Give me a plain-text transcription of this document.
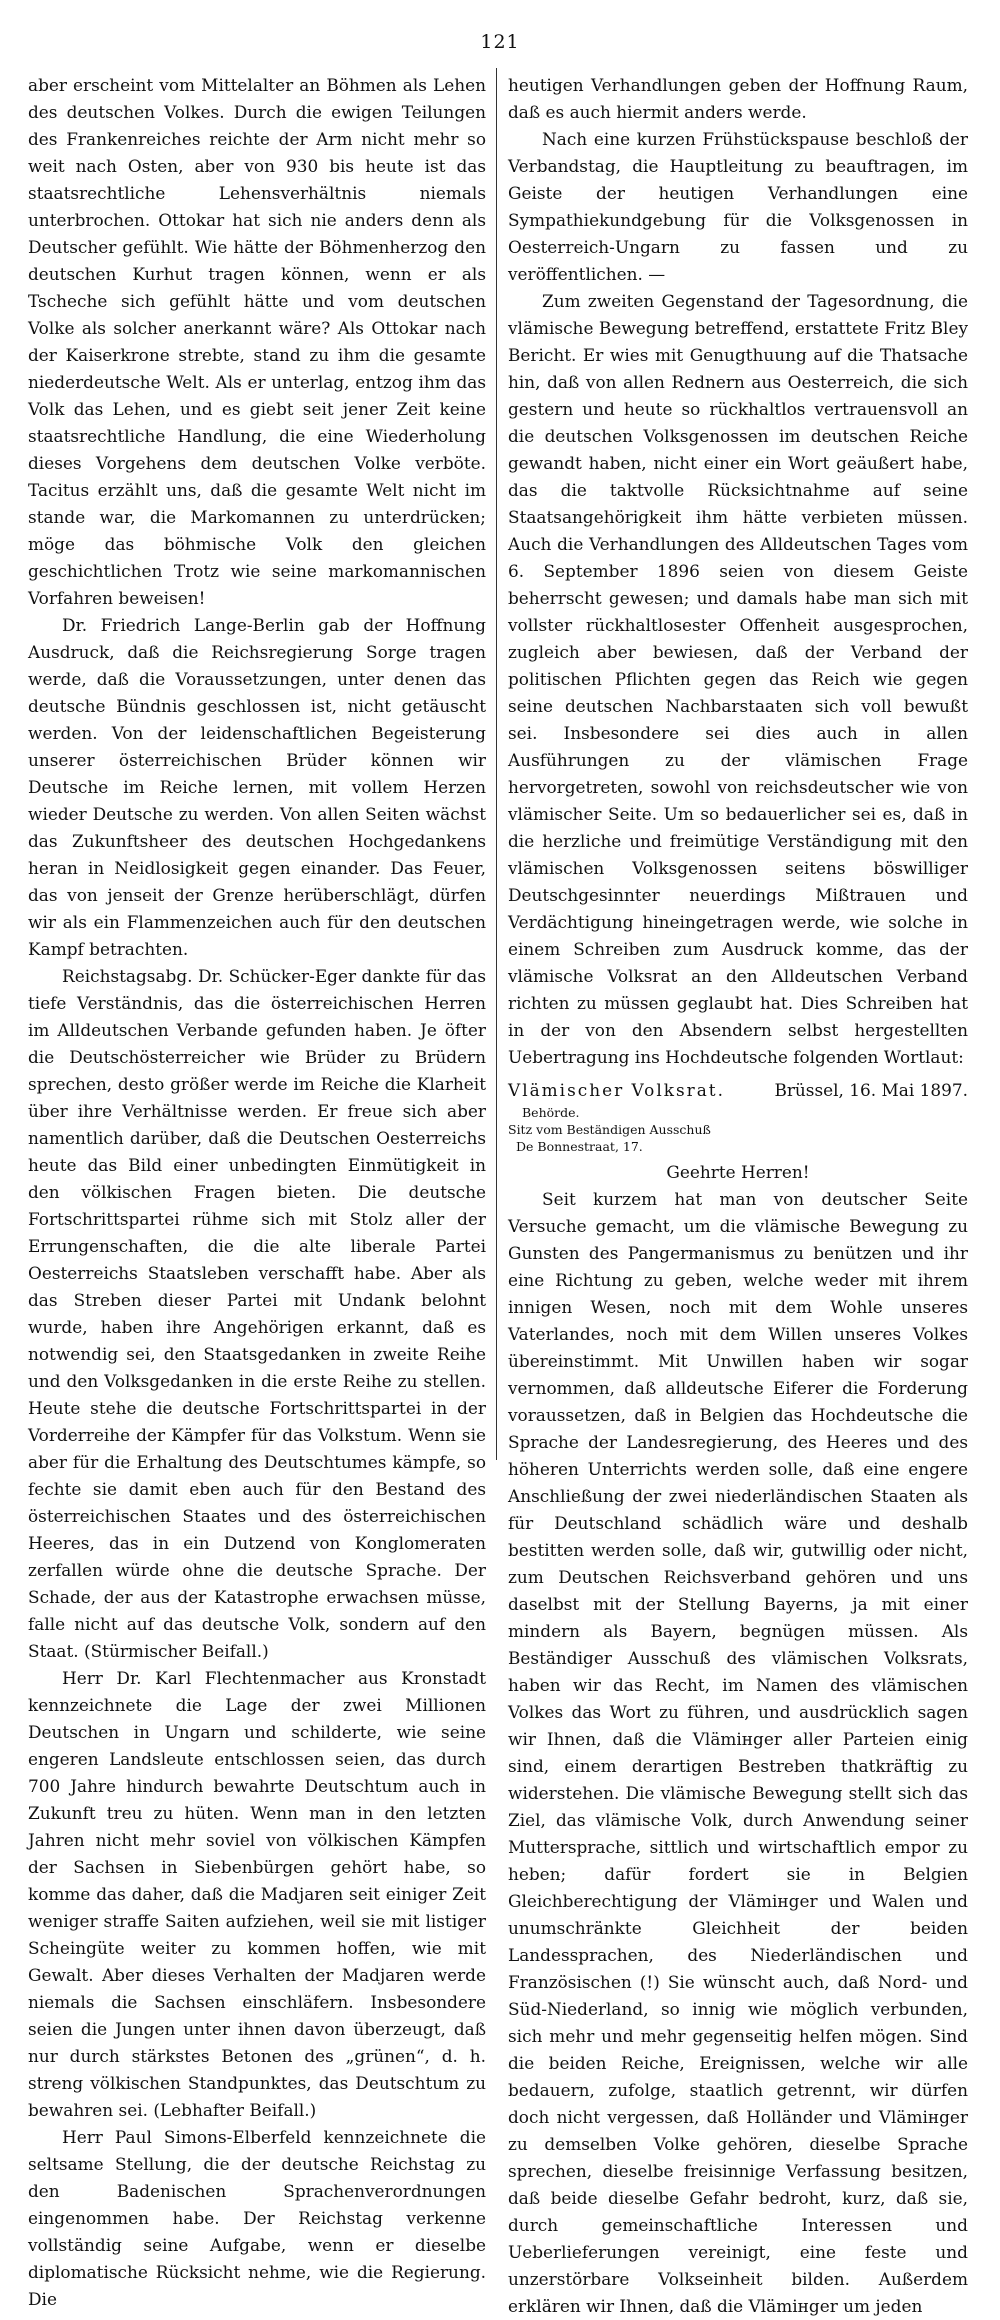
121

aber erscheint vom Mittelalter an Böhmen als Lehen des deutschen Volkes. Durch die ewigen Teilungen des Frankenreiches reichte der Arm nicht mehr so weit nach Osten, aber von 930 bis heute ist das staatsrechtliche Lehensverhältnis niemals unterbrochen. Ottokar hat sich nie anders denn als Deutscher gefühlt. Wie hätte der Böhmenherzog den deutschen Kurhut tragen können, wenn er als Tscheche sich gefühlt hätte und vom deutschen Volke als solcher anerkannt wäre? Als Ottokar nach der Kaiserkrone strebte, stand zu ihm die gesamte niederdeutsche Welt. Als er unterlag, entzog ihm das Volk das Lehen, und es giebt seit jener Zeit keine staatsrechtliche Handlung, die eine Wiederholung dieses Vorgehens dem deutschen Volke verböte. Tacitus erzählt uns, daß die gesamte Welt nicht im stande war, die Markomannen zu unterdrücken; möge das böhmische Volk den gleichen geschichtlichen Trotz wie seine markomannischen Vorfahren beweisen!

Dr. Friedrich Lange-Berlin gab der Hoffnung Ausdruck, daß die Reichsregierung Sorge tragen werde, daß die Voraussetzungen, unter denen das deutsche Bündnis geschlossen ist, nicht getäuscht werden. Von der leidenschaftlichen Begeisterung unserer österreichischen Brüder können wir Deutsche im Reiche lernen, mit vollem Herzen wieder Deutsche zu werden. Von allen Seiten wächst das Zukunftsheer des deutschen Hochgedankens heran in Neidlosigkeit gegen einander. Das Feuer, das von jenseit der Grenze herüberschlägt, dürfen wir als ein Flammenzeichen auch für den deutschen Kampf betrachten.

Reichstagsabg. Dr. Schücker-Eger dankte für das tiefe Verständnis, das die österreichischen Herren im Alldeutschen Verbande gefunden haben. Je öfter die Deutschösterreicher wie Brüder zu Brüdern sprechen, desto größer werde im Reiche die Klarheit über ihre Verhältnisse werden. Er freue sich aber namentlich darüber, daß die Deutschen Oesterreichs heute das Bild einer unbedingten Einmütigkeit in den völkischen Fragen bieten. Die deutsche Fortschrittspartei rühme sich mit Stolz aller der Errungenschaften, die die alte liberale Partei Oesterreichs Staatsleben verschafft habe. Aber als das Streben dieser Partei mit Undank belohnt wurde, haben ihre Angehörigen erkannt, daß es notwendig sei, den Staatsgedanken in zweite Reihe und den Volksgedanken in die erste Reihe zu stellen. Heute stehe die deutsche Fortschrittspartei in der Vorderreihe der Kämpfer für das Volkstum. Wenn sie aber für die Erhaltung des Deutschtumes kämpfe, so fechte sie damit eben auch für den Bestand des österreichischen Staates und des österreichischen Heeres, das in ein Dutzend von Konglomeraten zerfallen würde ohne die deutsche Sprache. Der Schade, der aus der Katastrophe erwachsen müsse, falle nicht auf das deutsche Volk, sondern auf den Staat. (Stürmischer Beifall.)

Herr Dr. Karl Flechtenmacher aus Kronstadt kennzeichnete die Lage der zwei Millionen Deutschen in Ungarn und schilderte, wie seine engeren Landsleute entschlossen seien, das durch 700 Jahre hindurch bewahrte Deutschtum auch in Zukunft treu zu hüten. Wenn man in den letzten Jahren nicht mehr soviel von völkischen Kämpfen der Sachsen in Siebenbürgen gehört habe, so komme das daher, daß die Madjaren seit einiger Zeit weniger straffe Saiten aufziehen, weil sie mit listiger Scheingüte weiter zu kommen hoffen, wie mit Gewalt. Aber dieses Verhalten der Madjaren werde niemals die Sachsen einschläfern. Insbesondere seien die Jungen unter ihnen davon überzeugt, daß nur durch stärkstes Betonen des „grünen“, d. h. streng völkischen Standpunktes, das Deutschtum zu bewahren sei. (Lebhafter Beifall.)

Herr Paul Simons-Elberfeld kennzeichnete die seltsame Stellung, die der deutsche Reichstag zu den Badenischen Sprachenverordnungen eingenommen habe. Der Reichstag verkenne vollständig seine Aufgabe, wenn er dieselbe diplomatische Rücksicht nehme, wie die Regierung. Die

heutigen Verhandlungen geben der Hoffnung Raum, daß es auch hiermit anders werde.

Nach eine kurzen Frühstückspause beschloß der Verbandstag, die Hauptleitung zu beauftragen, im Geiste der heutigen Verhandlungen eine Sympathiekundgebung für die Volksgenossen in Oesterreich-Ungarn zu fassen und zu veröffentlichen. —

Zum zweiten Gegenstand der Tagesordnung, die vlämische Bewegung betreffend, erstattete Fritz Bley Bericht. Er wies mit Genugthuung auf die Thatsache hin, daß von allen Rednern aus Oesterreich, die sich gestern und heute so rückhaltlos vertrauensvoll an die deutschen Volksgenossen im deutschen Reiche gewandt haben, nicht einer ein Wort geäußert habe, das die taktvolle Rücksichtnahme auf seine Staatsangehörigkeit ihm hätte verbieten müssen. Auch die Verhandlungen des Alldeutschen Tages vom 6. September 1896 seien von diesem Geiste beherrscht gewesen; und damals habe man sich mit vollster rückhaltlosester Offenheit ausgesprochen, zugleich aber bewiesen, daß der Verband der politischen Pflichten gegen das Reich wie gegen seine deutschen Nachbarstaaten sich voll bewußt sei. Insbesondere sei dies auch in allen Ausführungen zu der vlämischen Frage hervorgetreten, sowohl von reichsdeutscher wie von vlämischer Seite. Um so bedauerlicher sei es, daß in die herzliche und freimütige Verständigung mit den vlämischen Volksgenossen seitens böswilliger Deutschgesinnter neuerdings Mißtrauen und Verdächtigung hineingetragen werde, wie solche in einem Schreiben zum Ausdruck komme, das der vlämische Volksrat an den Alldeutschen Verband richten zu müssen geglaubt hat. Dies Schreiben hat in der von den Absendern selbst hergestellten Uebertragung ins Hochdeutsche folgenden Wortlaut:

Vlämischer Volksrat.	Brüssel, 16. Mai 1897.

Behörde.

Sitz vom Beständigen Ausschuß

De Bonnestraat, 17.

Geehrte Herren!

Seit kurzem hat man von deutscher Seite Versuche gemacht, um die vlämische Bewegung zu Gunsten des Pangermanismus zu benützen und ihr eine Richtung zu geben, welche weder mit ihrem innigen Wesen, noch mit dem Wohle unseres Vaterlandes, noch mit dem Willen unseres Volkes übereinstimmt. Mit Unwillen haben wir sogar vernommen, daß alldeutsche Eiferer die Forderung voraussetzen, daß in Belgien das Hochdeutsche die Sprache der Landesregierung, des Heeres und des höheren Unterrichts werden solle, daß eine engere Anschließung der zwei niederländischen Staaten als für Deutschland schädlich wäre und deshalb bestitten werden solle, daß wir, gutwillig oder nicht, zum Deutschen Reichsverband gehören und uns daselbst mit der Stellung Bayerns, ja mit einer mindern als Bayern, begnügen müssen. Als Beständiger Ausschuß des vlämischen Volksrats, haben wir das Recht, im Namen des vlämischen Volkes das Wort zu führen, und ausdrücklich sagen wir Ihnen, daß die Vlämінger aller Parteien einig sind, einem derartigen Bestreben thatkräftig zu widerstehen. Die vlämische Bewegung stellt sich das Ziel, das vlämische Volk, durch Anwendung seiner Muttersprache, sittlich und wirtschaftlich empor zu heben; dafür fordert sie in Belgien Gleichberechtigung der Vlämінger und Walen und unumschränkte Gleichheit der beiden Landessprachen, des Niederländischen und Französischen (!) Sie wünscht auch, daß Nord- und Süd-Niederland, so innig wie möglich verbunden, sich mehr und mehr gegenseitig helfen mögen. Sind die beiden Reiche, Ereignissen, welche wir alle bedauern, zufolge, staatlich getrennt, wir dürfen doch nicht vergessen, daß Holländer und Vlämінger zu demselben Volke gehören, dieselbe Sprache sprechen, dieselbe freisinnige Verfassung besitzen, daß beide dieselbe Gefahr bedroht, kurz, daß sie, durch gemeinschaftliche Interessen und Ueberlieferungen vereinigt, eine feste und unzerstörbare Volkseinheit bilden. Außerdem erklären wir Ihnen, daß die Vlämінger um jeden
